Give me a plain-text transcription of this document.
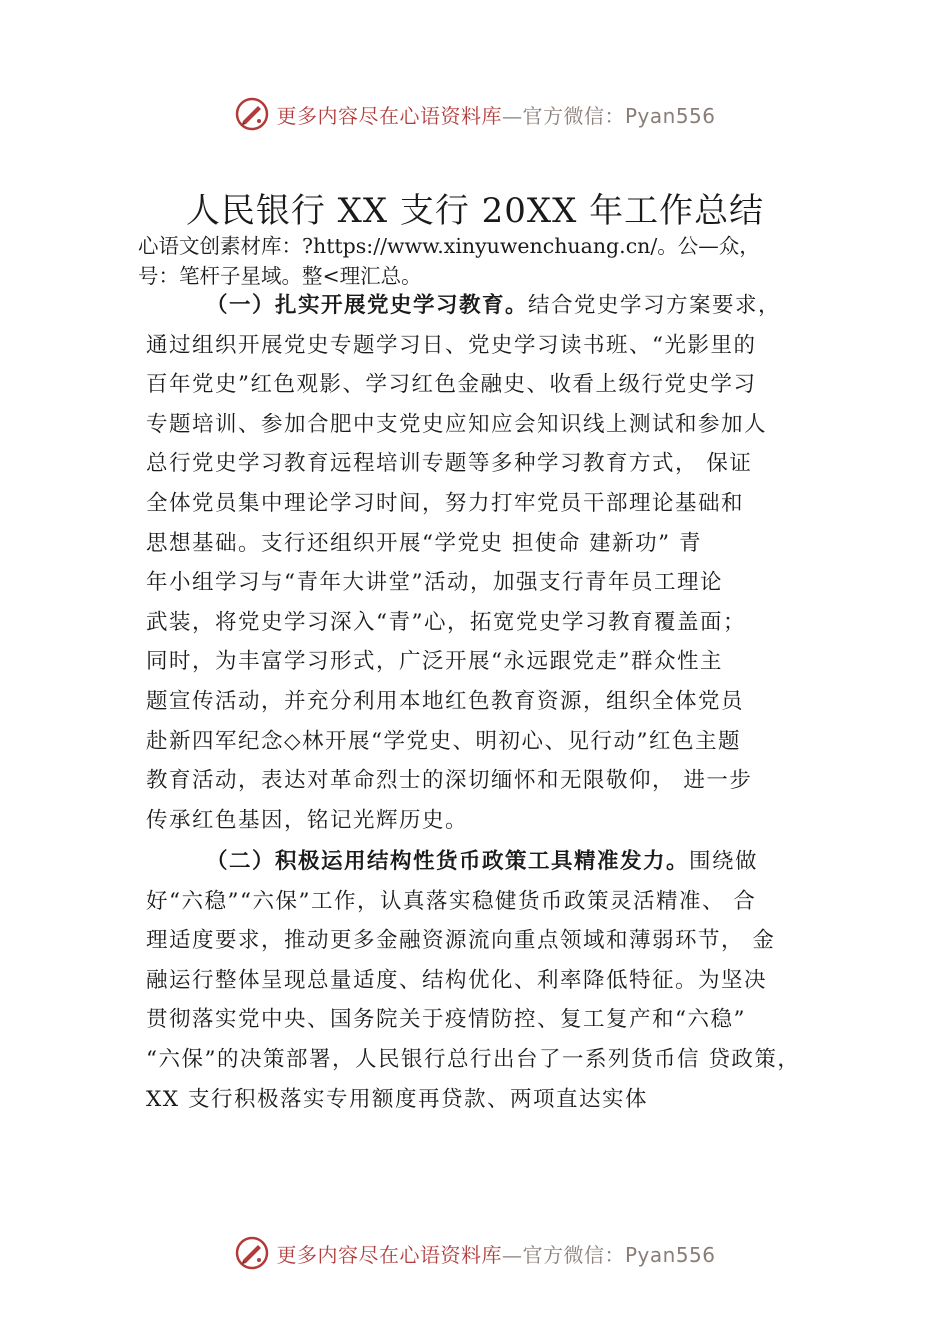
更多内容尽在心语资料库—官方微信：Pyan556
人民银行 XX 支行 20XX 年工作总结
心语文创素材库：?https://www.xinyuwenchuang.cn/。公—众，
号：笔杆子星域。整<理汇总。
（一）扎实开展党史学习教育。结合党史学习方案要求，
通过组织开展党史专题学习日、党史学习读书班、“光影里的
百年党史”红色观影、学习红色金融史、收看上级行党史学习
专题培训、参加合肥中支党史应知应会知识线上测试和参加人
总行党史学习教育远程培训专题等多种学习教育方式， 保证
全体党员集中理论学习时间，努力打牢党员干部理论基础和
思想基础。支行还组织开展“学党史 担使命 建新功” 青
年小组学习与“青年大讲堂”活动，加强支行青年员工理论
武装，将党史学习深入“青”心，拓宽党史学习教育覆盖面；
同时，为丰富学习形式，广泛开展“永远跟党走”群众性主
题宣传活动，并充分利用本地红色教育资源，组织全体党员
赴新四军纪念◇林开展“学党史、明初心、见行动”红色主题
教育活动，表达对革命烈士的深切缅怀和无限敬仰， 进一步
传承红色基因，铭记光辉历史。
（二）积极运用结构性货币政策工具精准发力。围绕做
好“六稳”“六保”工作，认真落实稳健货币政策灵活精准、 合
理适度要求，推动更多金融资源流向重点领域和薄弱环节， 金
融运行整体呈现总量适度、结构优化、利率降低特征。为坚决
贯彻落实党中央、国务院关于疫情防控、复工复产和“六稳”
“六保”的决策部署，人民银行总行出台了一系列货币信 贷政策，
XX 支行积极落实专用额度再贷款、两项直达实体
更多内容尽在心语资料库—官方微信：Pyan556
